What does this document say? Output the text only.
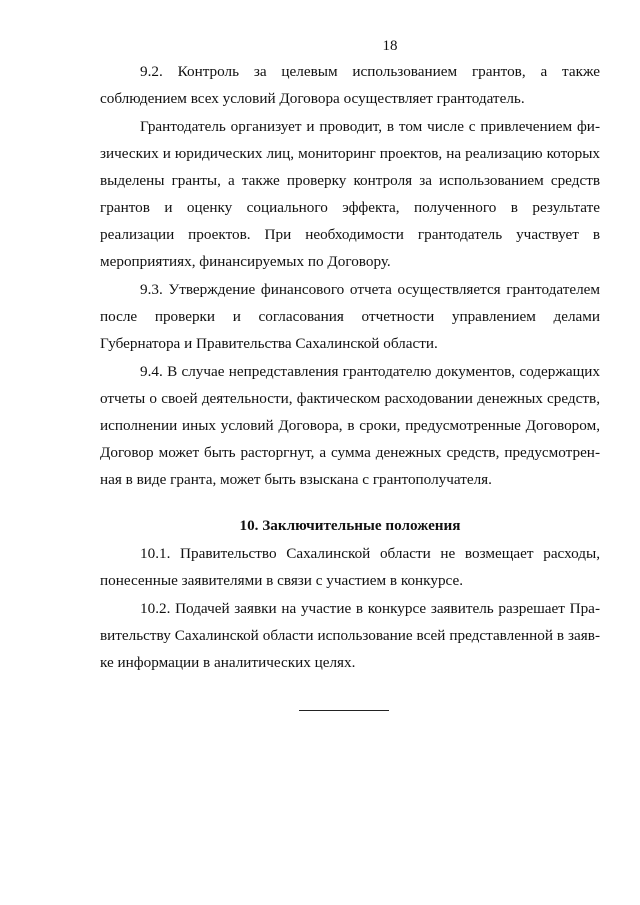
18

9.2. Контроль за целевым использованием грантов, а также соблюдением всех условий Договора осуществляет грантодатель.

Грантодатель организует и проводит, в том числе с привлечением физических и юридических лиц, мониторинг проектов, на реализацию которых выделены гранты, а также проверку контроля за использованием средств грантов и оценку социального эффекта, полученного в результате реализации проектов. При необходимости грантодатель участвует в мероприятиях, финансируемых по Договору.

9.3. Утверждение финансового отчета осуществляется грантодателем после проверки и согласования отчетности управлением делами Губернатора и Правительства Сахалинской области.

9.4. В случае непредставления грантодателю документов, содержащих отчеты о своей деятельности, фактическом расходовании денежных средств, исполнении иных условий Договора, в сроки, предусмотренные Договором, Договор может быть расторгнут, а сумма денежных средств, предусмотренная в виде гранта, может быть взыскана с грантополучателя.

10. Заключительные положения

10.1. Правительство Сахалинской области не возмещает расходы, понесенные заявителями в связи с участием в конкурсе.

10.2. Подачей заявки на участие в конкурсе заявитель разрешает Правительству Сахалинской области использование всей представленной в заявке информации в аналитических целях.
